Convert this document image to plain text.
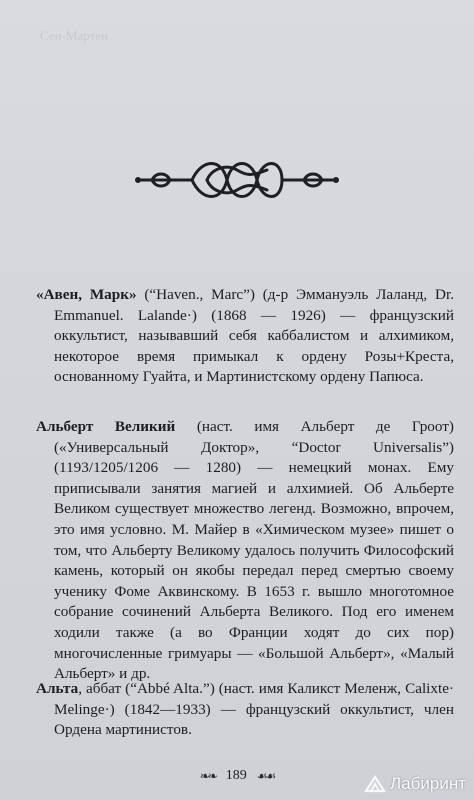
Сен-Мартен
«Авен, Марк» (“Haven., Marc”) (д-р Эммануэль Лаланд, Dr. Emmanuel. Lalande·) (1868 — 1926) — французский оккультист, называвший себя каббалистом и алхимиком, некоторое время примыкал к ордену Розы+Креста, основанному Гуайта, и Мартинистскому ордену Папюса.
Альберт Великий (наст. имя Альберт де Гроот) («Универсальный Доктор», “Doctor Universalis”) (1193/1205/1206 — 1280) — немецкий монах. Ему приписывали занятия магией и алхимией. Об Альберте Великом существует множество легенд. Возможно, впрочем, это имя условно. М. Майер в «Химическом музее» пишет о том, что Альберту Великому удалось получить Философский камень, который он якобы передал перед смертью своему ученику Фоме Аквинскому. В 1653 г. вышло многотомное собрание сочинений Альберта Великого. Под его именем ходили также (а во Франции ходят до сих пор) многочисленные гримуары — «Большой Альберт», «Малый Альберт» и др.
Альта, аббат (“Abbé Alta.”) (наст. имя Каликст Меленж, Calixte· Melinge·) (1842—1933) — французский оккультист, член Ордена мартинистов.
❧❧ 189 ☙☙	Лабиринт
